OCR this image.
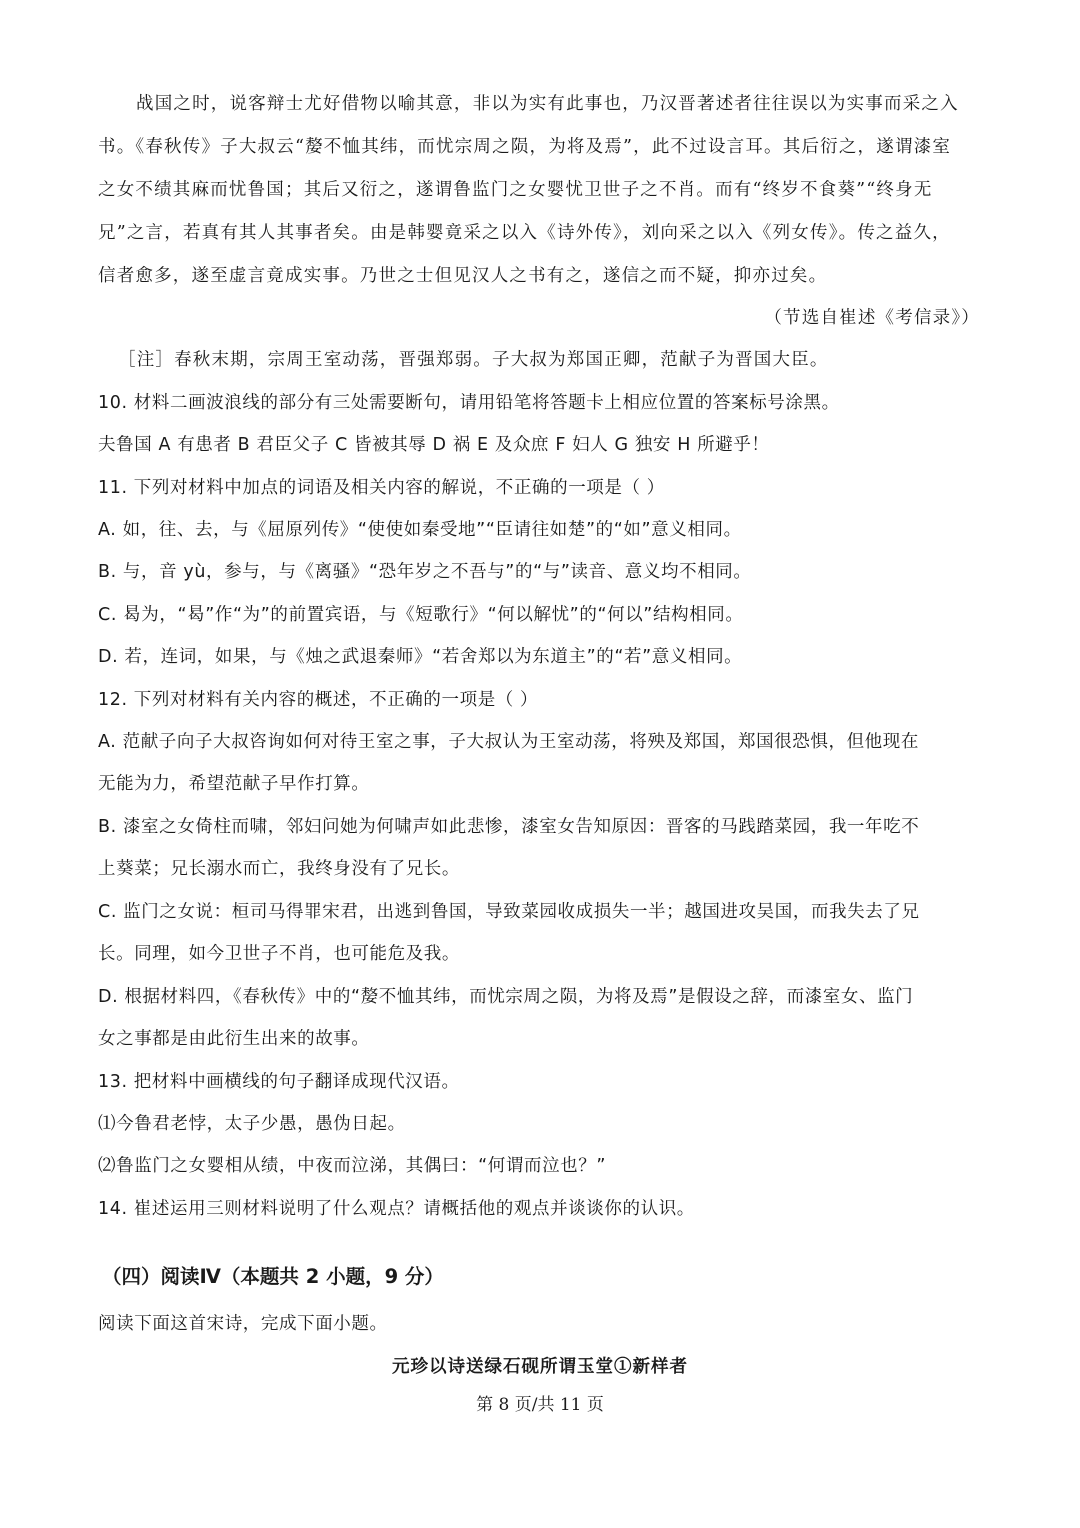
战国之时，说客辩士尤好借物以喻其意，非以为实有此事也，乃汉晋著述者往往误以为实事而采之入
书。《春秋传》子大叔云“嫠不恤其纬，而忧宗周之陨，为将及焉”，此不过设言耳。其后衍之，遂谓漆室
之女不绩其麻而忧鲁国；其后又衍之，遂谓鲁监门之女婴忧卫世子之不肖。而有“终岁不食葵”“终身无
兄”之言，若真有其人其事者矣。由是韩婴竟采之以入《诗外传》，刘向采之以入《列女传》。传之益久，
信者愈多，遂至虚言竟成实事。乃世之士但见汉人之书有之，遂信之而不疑，抑亦过矣。
（节选自崔述《考信录》）
［注］春秋末期，宗周王室动荡，晋强郑弱。子大叔为郑国正卿，范献子为晋国大臣。
10. 材料二画波浪线的部分有三处需要断句，请用铅笔将答题卡上相应位置的答案标号涂黑。
夫鲁国 A 有患者 B 君臣父子 C 皆被其辱 D 祸 E 及众庶 F 妇人 G 独安 H 所避乎！
11. 下列对材料中加点的词语及相关内容的解说，不正确的一项是（ ）
A. 如，往、去，与《屈原列传》“使使如秦受地”“臣请往如楚”的“如”意义相同。
B. 与，音 yù，参与，与《离骚》“恐年岁之不吾与”的“与”读音、意义均不相同。
C. 曷为，“曷”作“为”的前置宾语，与《短歌行》“何以解忧”的“何以”结构相同。
D. 若，连词，如果，与《烛之武退秦师》“若舍郑以为东道主”的“若”意义相同。
12. 下列对材料有关内容的概述，不正确的一项是（ ）
A. 范献子向子大叔咨询如何对待王室之事，子大叔认为王室动荡，将殃及郑国，郑国很恐惧，但他现在
无能为力，希望范献子早作打算。
B. 漆室之女倚柱而啸，邻妇问她为何啸声如此悲惨，漆室女告知原因：晋客的马践踏菜园，我一年吃不
上葵菜；兄长溺水而亡，我终身没有了兄长。
C. 监门之女说：桓司马得罪宋君，出逃到鲁国，导致菜园收成损失一半；越国进攻吴国，而我失去了兄
长。同理，如今卫世子不肖，也可能危及我。
D. 根据材料四，《春秋传》中的“嫠不恤其纬，而忧宗周之陨，为将及焉”是假设之辞，而漆室女、监门
女之事都是由此衍生出来的故事。
13. 把材料中画横线的句子翻译成现代汉语。
⑴今鲁君老悖，太子少愚，愚伪日起。
⑵鲁监门之女婴相从绩，中夜而泣涕，其偶曰：“何谓而泣也？”
14. 崔述运用三则材料说明了什么观点？请概括他的观点并谈谈你的认识。
（四）阅读Ⅳ（本题共 2 小题，9 分）
阅读下面这首宋诗，完成下面小题。
元珍以诗送绿石砚所谓玉堂①新样者
第 8 页/共 11 页
